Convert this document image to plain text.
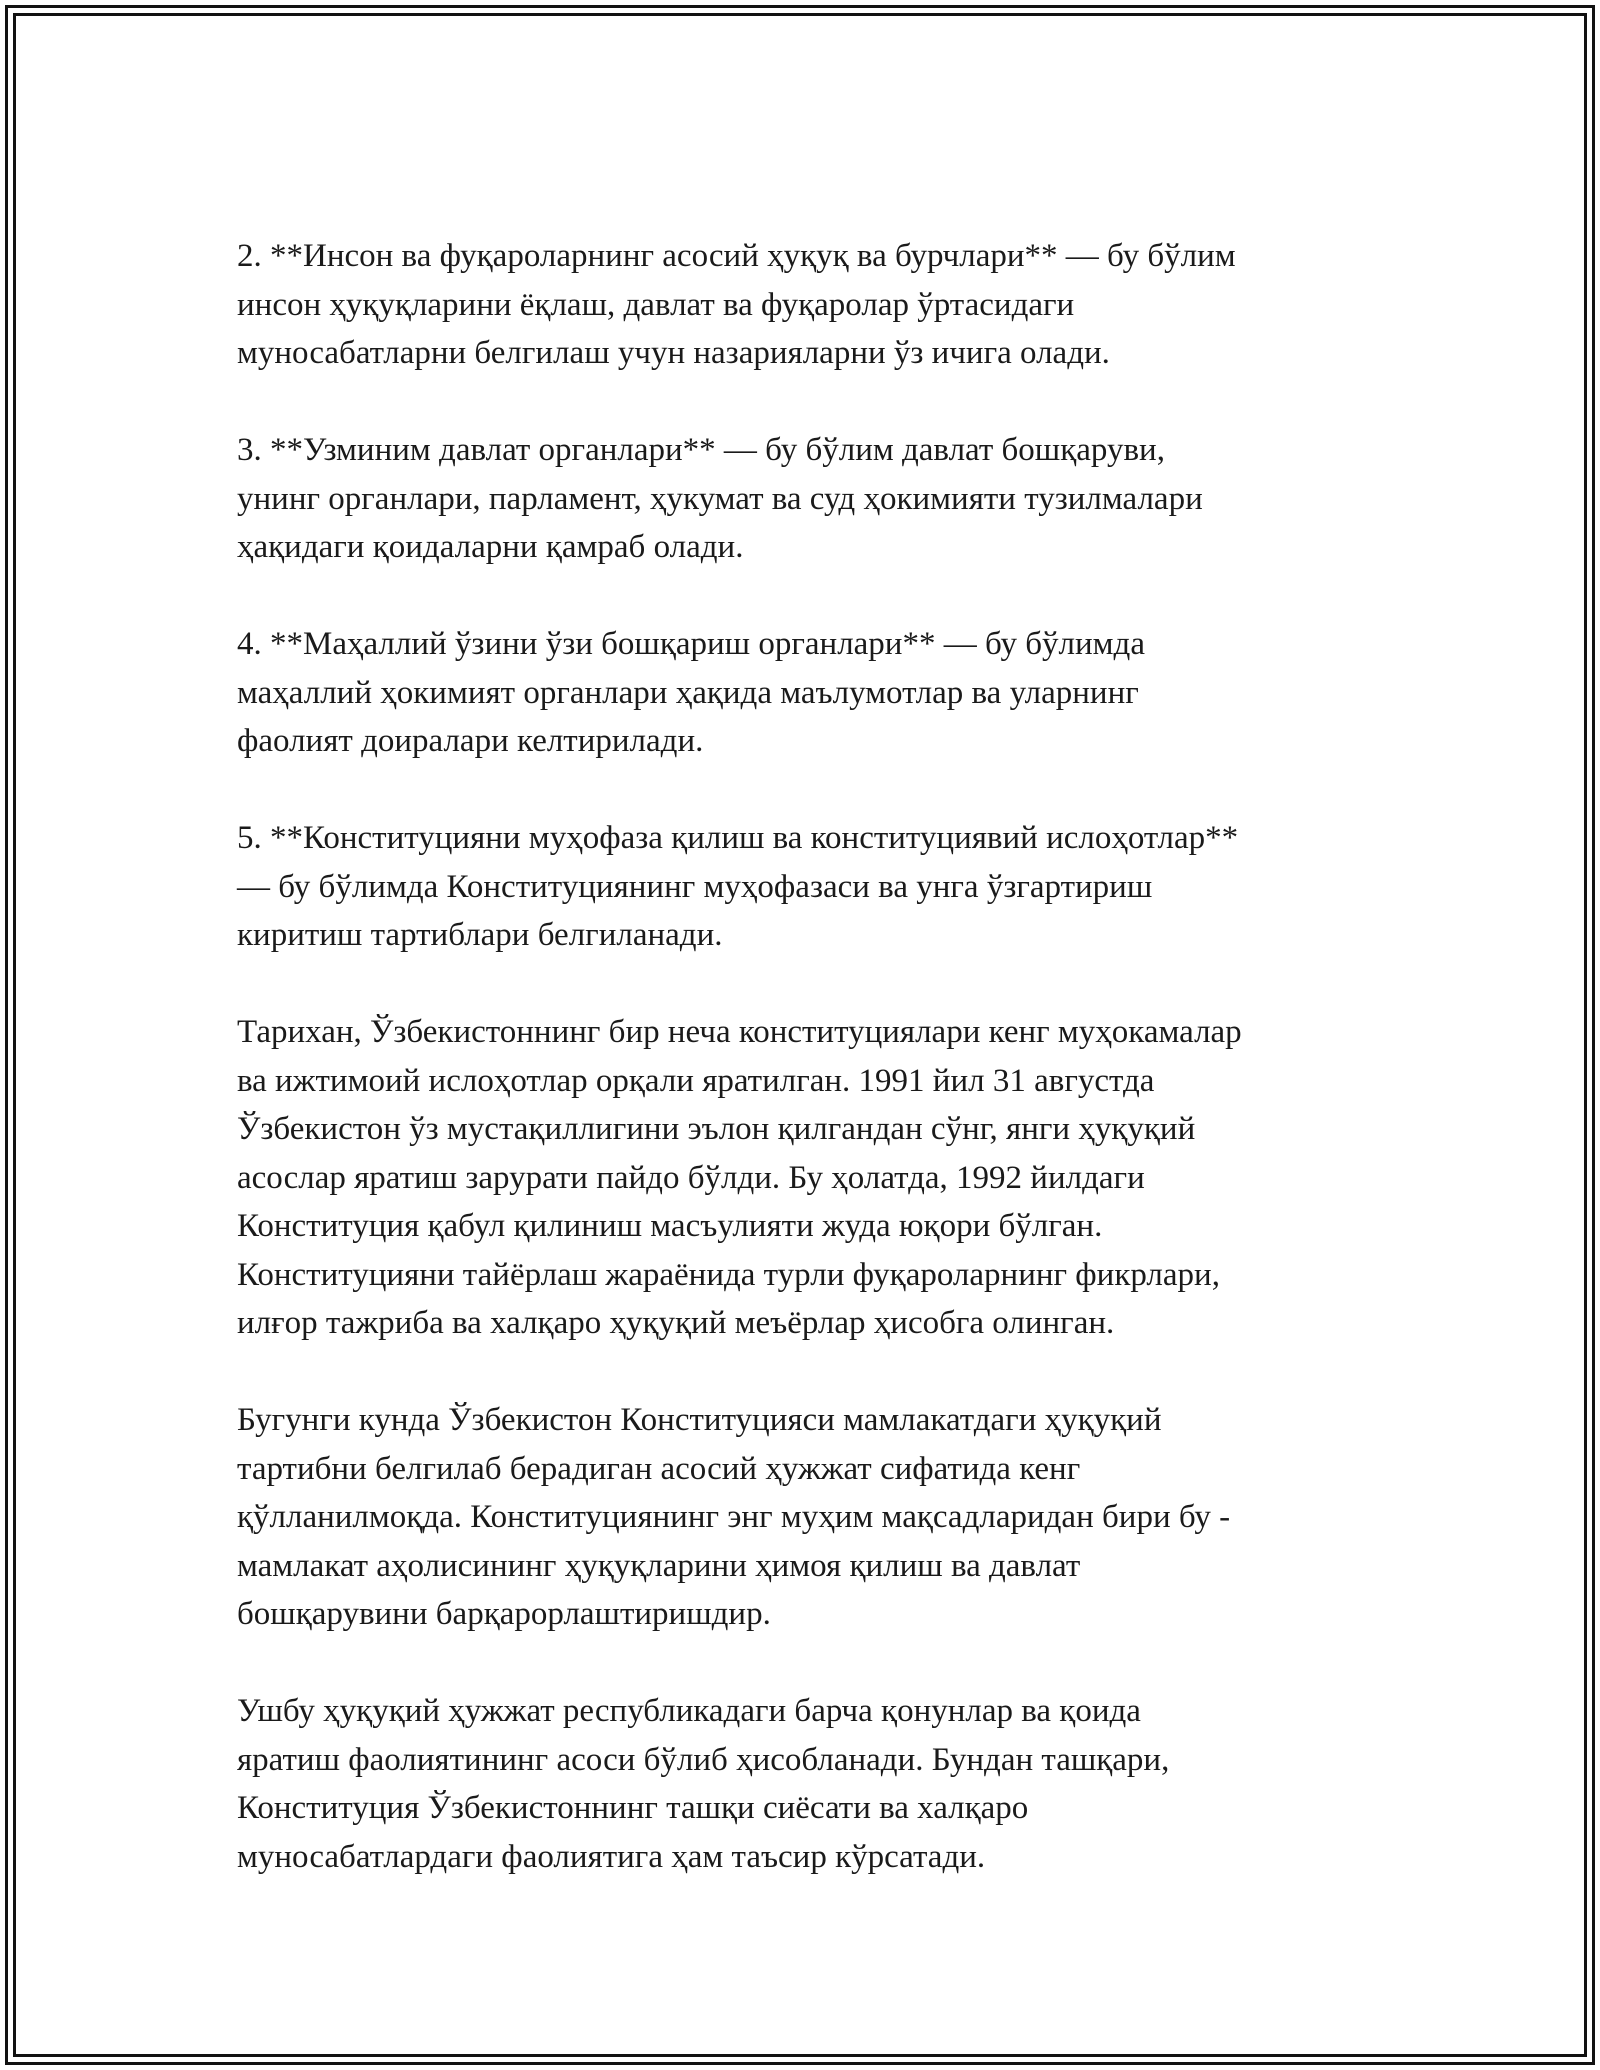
2. **Инсон ва фуқароларнинг асосий ҳуқуқ ва бурчлари** — бу бўлим
инсон ҳуқуқларини ёқлаш, давлат ва фуқаролар ўртасидаги
муносабатларни белгилаш учун назарияларни ўз ичига олади.

3. **Узминим давлат органлари** — бу бўлим давлат бошқаруви,
унинг органлари, парламент, ҳукумат ва суд ҳокимияти тузилмалари
ҳақидаги қоидаларни қамраб олади.

4. **Маҳаллий ўзини ўзи бошқариш органлари** — бу бўлимда
маҳаллий ҳокимият органлари ҳақида маълумотлар ва уларнинг
фаолият доиралари келтирилади.

5. **Конституцияни муҳофаза қилиш ва конституциявий ислоҳотлар**
— бу бўлимда Конституциянинг муҳофазаси ва унга ўзгартириш
киритиш тартиблари белгиланади.

Тарихан, Ўзбекистоннинг бир неча конституциялари кенг муҳокамалар
ва ижтимоий ислоҳотлар орқали яратилган. 1991 йил 31 августда
Ўзбекистон ўз мустақиллигини эълон қилгандан сўнг, янги ҳуқуқий
асослар яратиш зарурати пайдо бўлди. Бу ҳолатда, 1992 йилдаги
Конституция қабул қилиниш масъулияти жуда юқори бўлган.
Конституцияни тайёрлаш жараёнида турли фуқароларнинг фикрлари,
илғор тажриба ва халқаро ҳуқуқий меъёрлар ҳисобга олинган.

Бугунги кунда Ўзбекистон Конституцияси мамлакатдаги ҳуқуқий
тартибни белгилаб берадиган асосий ҳужжат сифатида кенг
қўлланилмоқда. Конституциянинг энг муҳим мақсадларидан бири бу -
мамлакат аҳолисининг ҳуқуқларини ҳимоя қилиш ва давлат
бошқарувини барқарорлаштиришдир.

Ушбу ҳуқуқий ҳужжат республикадаги барча қонунлар ва қоида
яратиш фаолиятининг асоси бўлиб ҳисобланади. Бундан ташқари,
Конституция Ўзбекистоннинг ташқи сиёсати ва халқаро
муносабатлардаги фаолиятига ҳам таъсир кўрсатади.
